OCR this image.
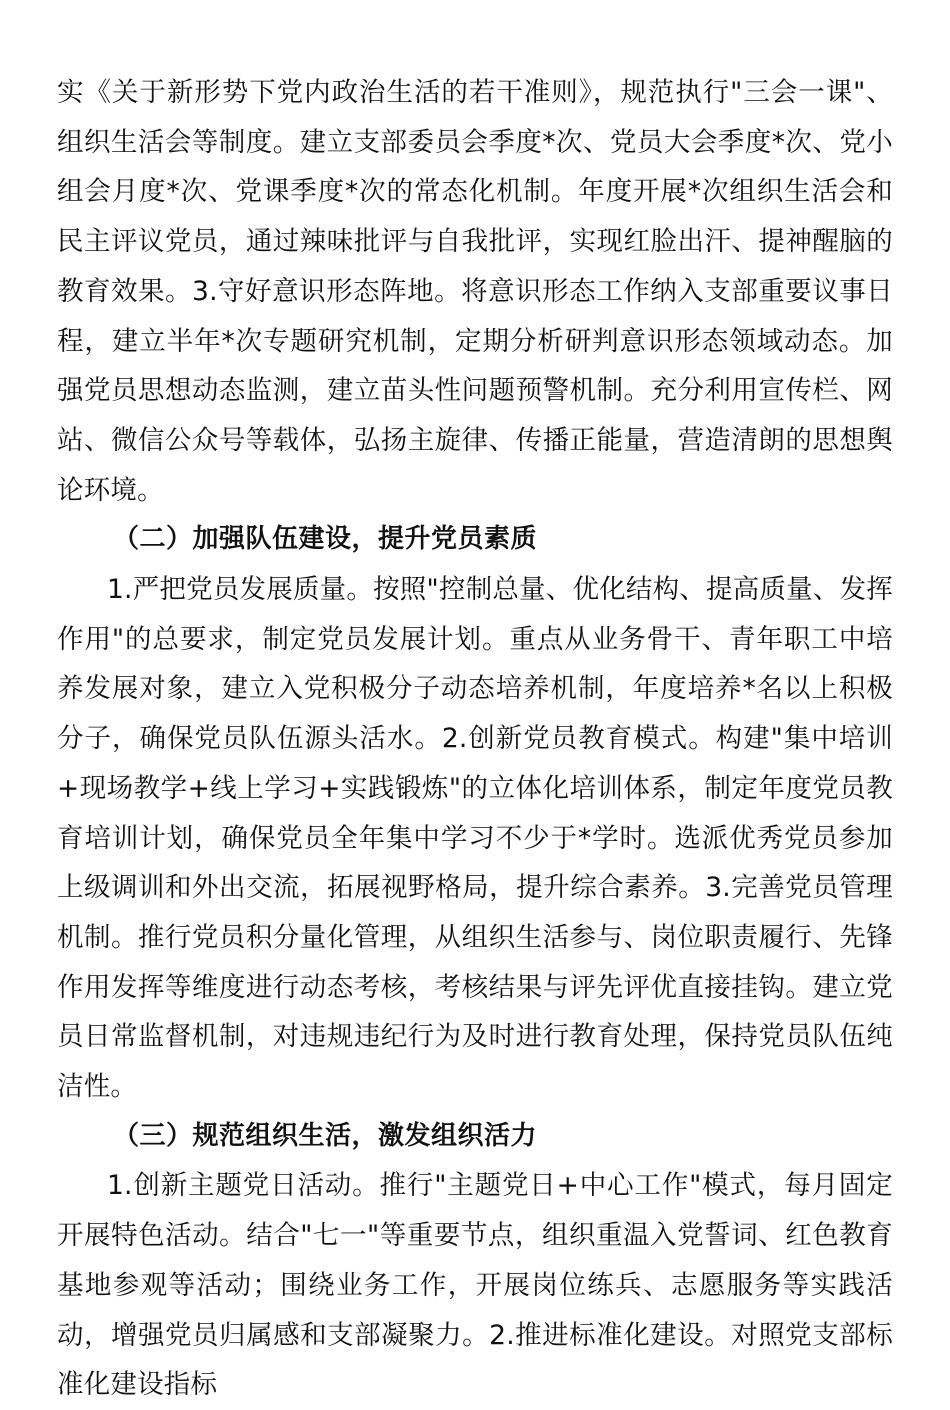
实《关于新形势下党内政治生活的若干准则》，规范执行"三会一课"、组织生活会等制度。建立支部委员会季度*次、党员大会季度*次、党小组会月度*次、党课季度*次的常态化机制。年度开展*次组织生活会和民主评议党员，通过辣味批评与自我批评，实现红脸出汗、提神醒脑的教育效果。3.守好意识形态阵地。将意识形态工作纳入支部重要议事日程，建立半年*次专题研究机制，定期分析研判意识形态领域动态。加强党员思想动态监测，建立苗头性问题预警机制。充分利用宣传栏、网站、微信公众号等载体，弘扬主旋律、传播正能量，营造清朗的思想舆论环境。

（二）加强队伍建设，提升党员素质

1.严把党员发展质量。按照"控制总量、优化结构、提高质量、发挥作用"的总要求，制定党员发展计划。重点从业务骨干、青年职工中培养发展对象，建立入党积极分子动态培养机制，年度培养*名以上积极分子，确保党员队伍源头活水。2.创新党员教育模式。构建"集中培训+现场教学+线上学习+实践锻炼"的立体化培训体系，制定年度党员教育培训计划，确保党员全年集中学习不少于*学时。选派优秀党员参加上级调训和外出交流，拓展视野格局，提升综合素养。3.完善党员管理机制。推行党员积分量化管理，从组织生活参与、岗位职责履行、先锋作用发挥等维度进行动态考核，考核结果与评先评优直接挂钩。建立党员日常监督机制，对违规违纪行为及时进行教育处理，保持党员队伍纯洁性。

（三）规范组织生活，激发组织活力

1.创新主题党日活动。推行"主题党日+中心工作"模式，每月固定开展特色活动。结合"七一"等重要节点，组织重温入党誓词、红色教育基地参观等活动；围绕业务工作，开展岗位练兵、志愿服务等实践活动，增强党员归属感和支部凝聚力。2.推进标准化建设。对照党支部标准化建设指标
